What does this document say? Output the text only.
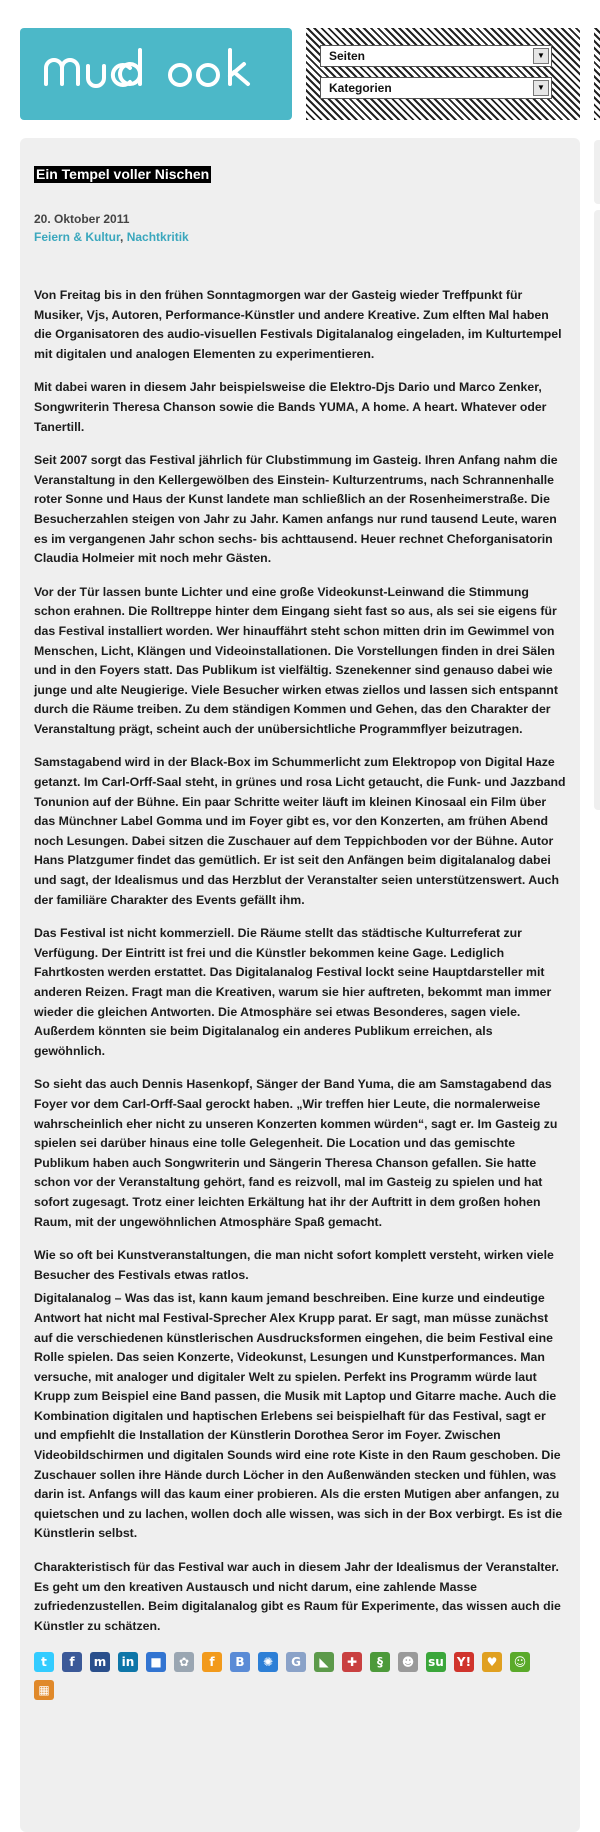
Seiten	▼
Kategorien	▼
Ein Tempel voller Nischen
20. Oktober 2011
Feiern & Kultur, Nachtkritik

Von Freitag bis in den frühen Sonntagmorgen war der Gasteig wieder Treffpunkt für Musiker, Vjs, Autoren, Performance-Künstler und andere Kreative. Zum elften Mal haben die Organisatoren des audio-visuellen Festivals Digitalanalog eingeladen, im Kulturtempel mit digitalen und analogen Elementen zu experimentieren.

Mit dabei waren in diesem Jahr beispielsweise die Elektro-Djs Dario und Marco Zenker, Songwriterin Theresa Chanson sowie die Bands YUMA, A home. A heart. Whatever oder Tanertill.

Seit 2007 sorgt das Festival jährlich für Clubstimmung im Gasteig. Ihren Anfang nahm die Veranstaltung in den Kellergewölben des Einstein- Kulturzentrums, nach Schrannenhalle roter Sonne und Haus der Kunst landete man schließlich an der Rosenheimerstraße. Die Besucherzahlen steigen von Jahr zu Jahr. Kamen anfangs nur rund tausend Leute, waren es im vergangenen Jahr schon sechs- bis achttausend. Heuer rechnet Cheforganisatorin Claudia Holmeier mit noch mehr Gästen.

Vor der Tür lassen bunte Lichter und eine große Videokunst-Leinwand die Stimmung schon erahnen. Die Rolltreppe hinter dem Eingang sieht fast so aus, als sei sie eigens für das Festival installiert worden. Wer hinauffährt steht schon mitten drin im Gewimmel von Menschen, Licht, Klängen und Videoinstallationen. Die Vorstellungen finden in drei Sälen und in den Foyers statt. Das Publikum ist vielfältig. Szenekenner sind genauso dabei wie junge und alte Neugierige. Viele Besucher wirken etwas ziellos und lassen sich entspannt durch die Räume treiben. Zu dem ständigen Kommen und Gehen, das den Charakter der Veranstaltung prägt, scheint auch der unübersichtliche Programmflyer beizutragen.

Samstagabend wird in der Black-Box im Schummerlicht zum Elektropop von Digital Haze getanzt. Im Carl-Orff-Saal steht, in grünes und rosa Licht getaucht, die Funk- und Jazzband Tonunion auf der Bühne. Ein paar Schritte weiter läuft im kleinen Kinosaal ein Film über das Münchner Label Gomma und im Foyer gibt es, vor den Konzerten, am frühen Abend noch Lesungen. Dabei sitzen die Zuschauer auf dem Teppichboden vor der Bühne. Autor Hans Platzgumer findet das gemütlich. Er ist seit den Anfängen beim digitalanalog dabei und sagt, der Idealismus und das Herzblut der Veranstalter seien unterstützenswert. Auch der familiäre Charakter des Events gefällt ihm.

Das Festival ist nicht kommerziell. Die Räume stellt das städtische Kulturreferat zur Verfügung. Der Eintritt ist frei und die Künstler bekommen keine Gage. Lediglich Fahrtkosten werden erstattet. Das Digitalanalog Festival lockt seine Hauptdarsteller mit anderen Reizen. Fragt man die Kreativen, warum sie hier auftreten, bekommt man immer wieder die gleichen Antworten. Die Atmosphäre sei etwas Besonderes, sagen viele. Außerdem könnten sie beim Digitalanalog ein anderes Publikum erreichen, als gewöhnlich.

So sieht das auch Dennis Hasenkopf, Sänger der Band Yuma, die am Samstagabend das Foyer vor dem Carl-Orff-Saal gerockt haben. „Wir treffen hier Leute, die normalerweise wahrscheinlich eher nicht zu unseren Konzerten kommen würden“, sagt er. Im Gasteig zu spielen sei darüber hinaus eine tolle Gelegenheit. Die Location und das gemischte Publikum haben auch Songwriterin und Sängerin Theresa Chanson gefallen. Sie hatte schon vor der Veranstaltung gehört, fand es reizvoll, mal im Gasteig zu spielen und hat sofort zugesagt. Trotz einer leichten Erkältung hat ihr der Auftritt in dem großen hohen Raum, mit der ungewöhnlichen Atmosphäre Spaß gemacht.

Wie so oft bei Kunstveranstaltungen, die man nicht sofort komplett versteht, wirken viele Besucher des Festivals etwas ratlos.

Digitalanalog – Was das ist, kann kaum jemand beschreiben. Eine kurze und eindeutige Antwort hat nicht mal Festival-Sprecher Alex Krupp parat. Er sagt, man müsse zunächst auf die verschiedenen künstlerischen Ausdrucksformen eingehen, die beim Festival eine Rolle spielen. Das seien Konzerte, Videokunst, Lesungen und Kunstperformances. Man versuche, mit analoger und digitaler Welt zu spielen. Perfekt ins Programm würde laut Krupp zum Beispiel eine Band passen, die Musik mit Laptop und Gitarre mache. Auch die Kombination digitalen und haptischen Erlebens sei beispielhaft für das Festival, sagt er und empfiehlt die Installation der Künstlerin Dorothea Seror im Foyer. Zwischen Videobildschirmen und digitalen Sounds wird eine rote Kiste in den Raum geschoben. Die Zuschauer sollen ihre Hände durch Löcher in den Außenwänden stecken und fühlen, was darin ist. Anfangs will das kaum einer probieren. Als die ersten Mutigen aber anfangen, zu quietschen und zu lachen, wollen doch alle wissen, was sich in der Box verbirgt. Es ist die Künstlerin selbst.

Charakteristisch für das Festival war auch in diesem Jahr der Idealismus der Veranstalter. Es geht um den kreativen Austausch und nicht darum, eine zahlende Masse zufriedenzustellen. Beim digitalanalog gibt es Raum für Experimente, das wissen auch die Künstler zu schätzen.

t	f	m	in	■	✿	f	B	✺	G	◣	✚	§	☻	su Y!	♥	☺
▦
